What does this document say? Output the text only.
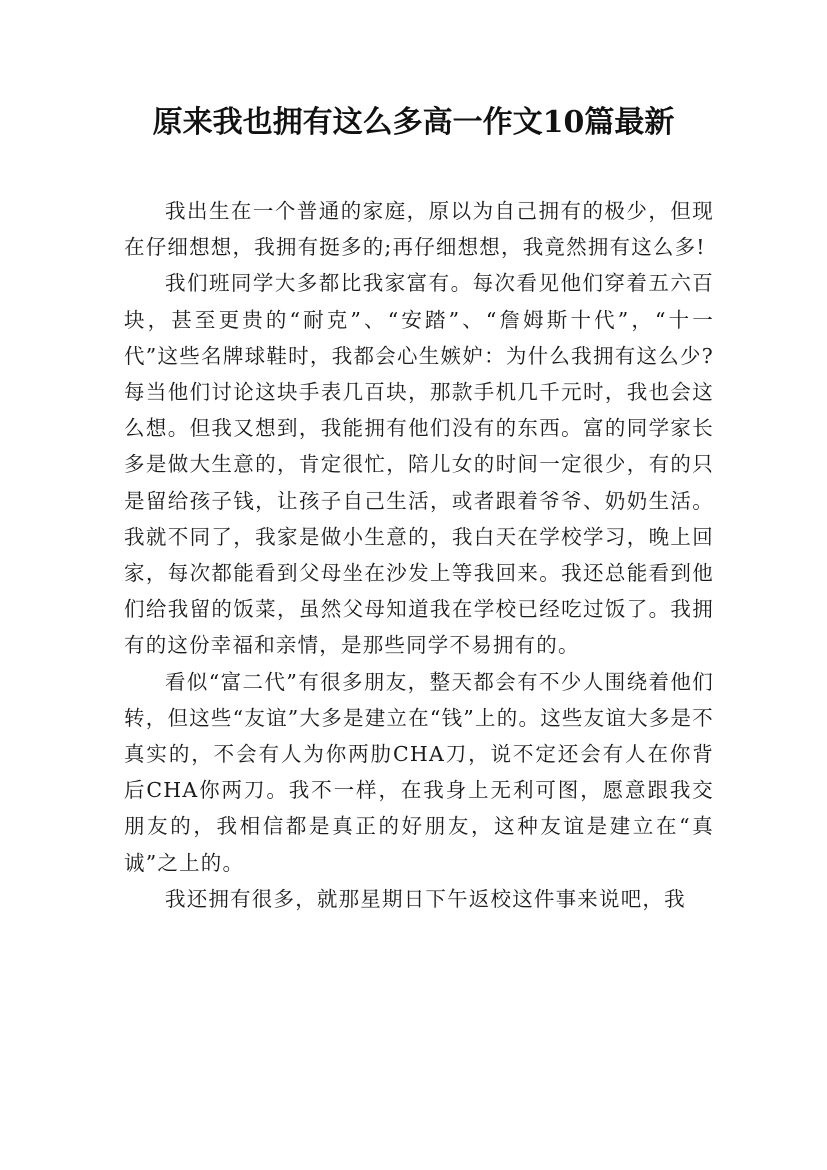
原来我也拥有这么多高一作文10篇最新

我出生在一个普通的家庭，原以为自己拥有的极少，但现在仔细想想，我拥有挺多的;再仔细想想，我竟然拥有这么多!

我们班同学大多都比我家富有。每次看见他们穿着五六百块，甚至更贵的“耐克”、“安踏”、“詹姆斯十代”，“十一代”这些名牌球鞋时，我都会心生嫉妒：为什么我拥有这么少?每当他们讨论这块手表几百块，那款手机几千元时，我也会这么想。但我又想到，我能拥有他们没有的东西。富的同学家长多是做大生意的，肯定很忙，陪儿女的时间一定很少，有的只是留给孩子钱，让孩子自己生活，或者跟着爷爷、奶奶生活。我就不同了，我家是做小生意的，我白天在学校学习，晚上回家，每次都能看到父母坐在沙发上等我回来。我还总能看到他们给我留的饭菜，虽然父母知道我在学校已经吃过饭了。我拥有的这份幸福和亲情，是那些同学不易拥有的。

看似“富二代”有很多朋友，整天都会有不少人围绕着他们转，但这些“友谊”大多是建立在“钱”上的。这些友谊大多是不真实的，不会有人为你两肋CHA刀，说不定还会有人在你背后CHA你两刀。我不一样，在我身上无利可图，愿意跟我交朋友的，我相信都是真正的好朋友，这种友谊是建立在“真诚”之上的。

我还拥有很多，就那星期日下午返校这件事来说吧，我
